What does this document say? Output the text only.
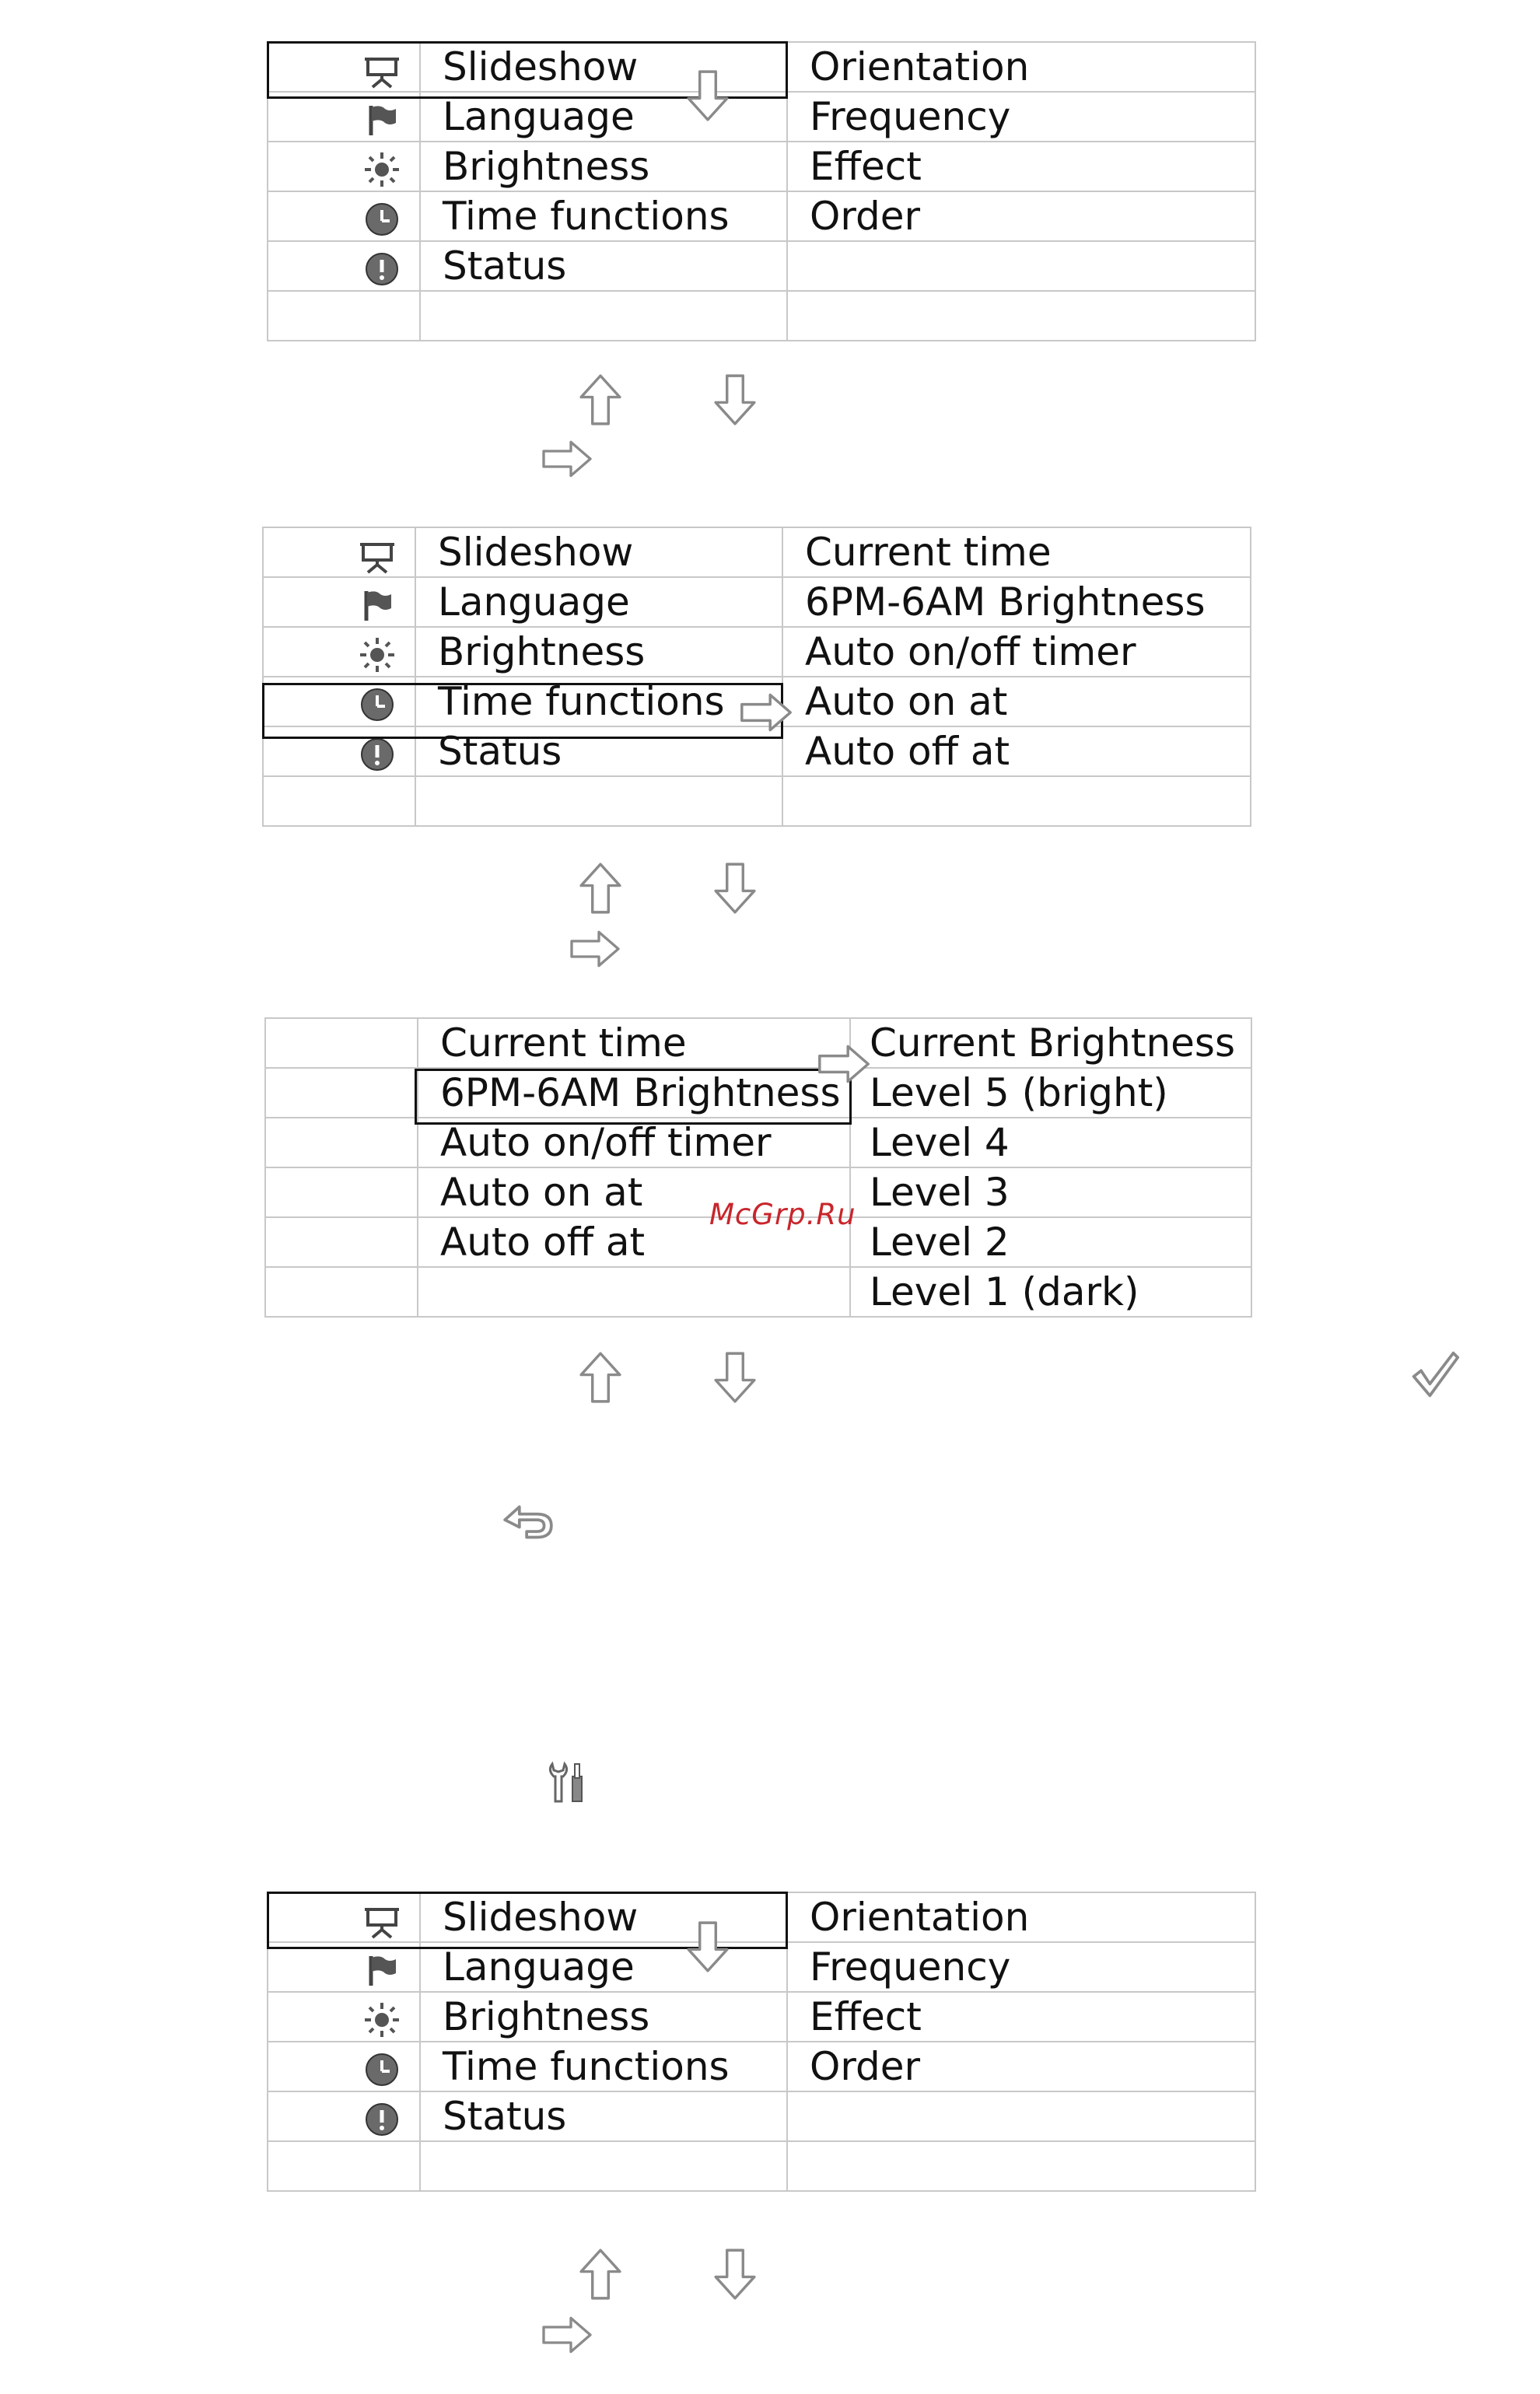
	Slideshow	Orientation

	Language	Frequency

	Brightness	Effect

	Time functions	Order

	Status	

	Slideshow	Current time

	Language	6PM-6AM Brightness

	Brightness	Auto on/off timer

	Time functions	Auto on at

	Status	Auto off at

	Current time	Current Brightness
	6PM-6AM Brightness	Level 5 (bright)
	Auto on/off timer	Level 4
	Auto on at	Level 3
	Auto off at	Level 2
		Level 1 (dark)
McGrp.Ru
	Slideshow	Orientation

	Language	Frequency

	Brightness	Effect

	Time functions	Order

	Status	
